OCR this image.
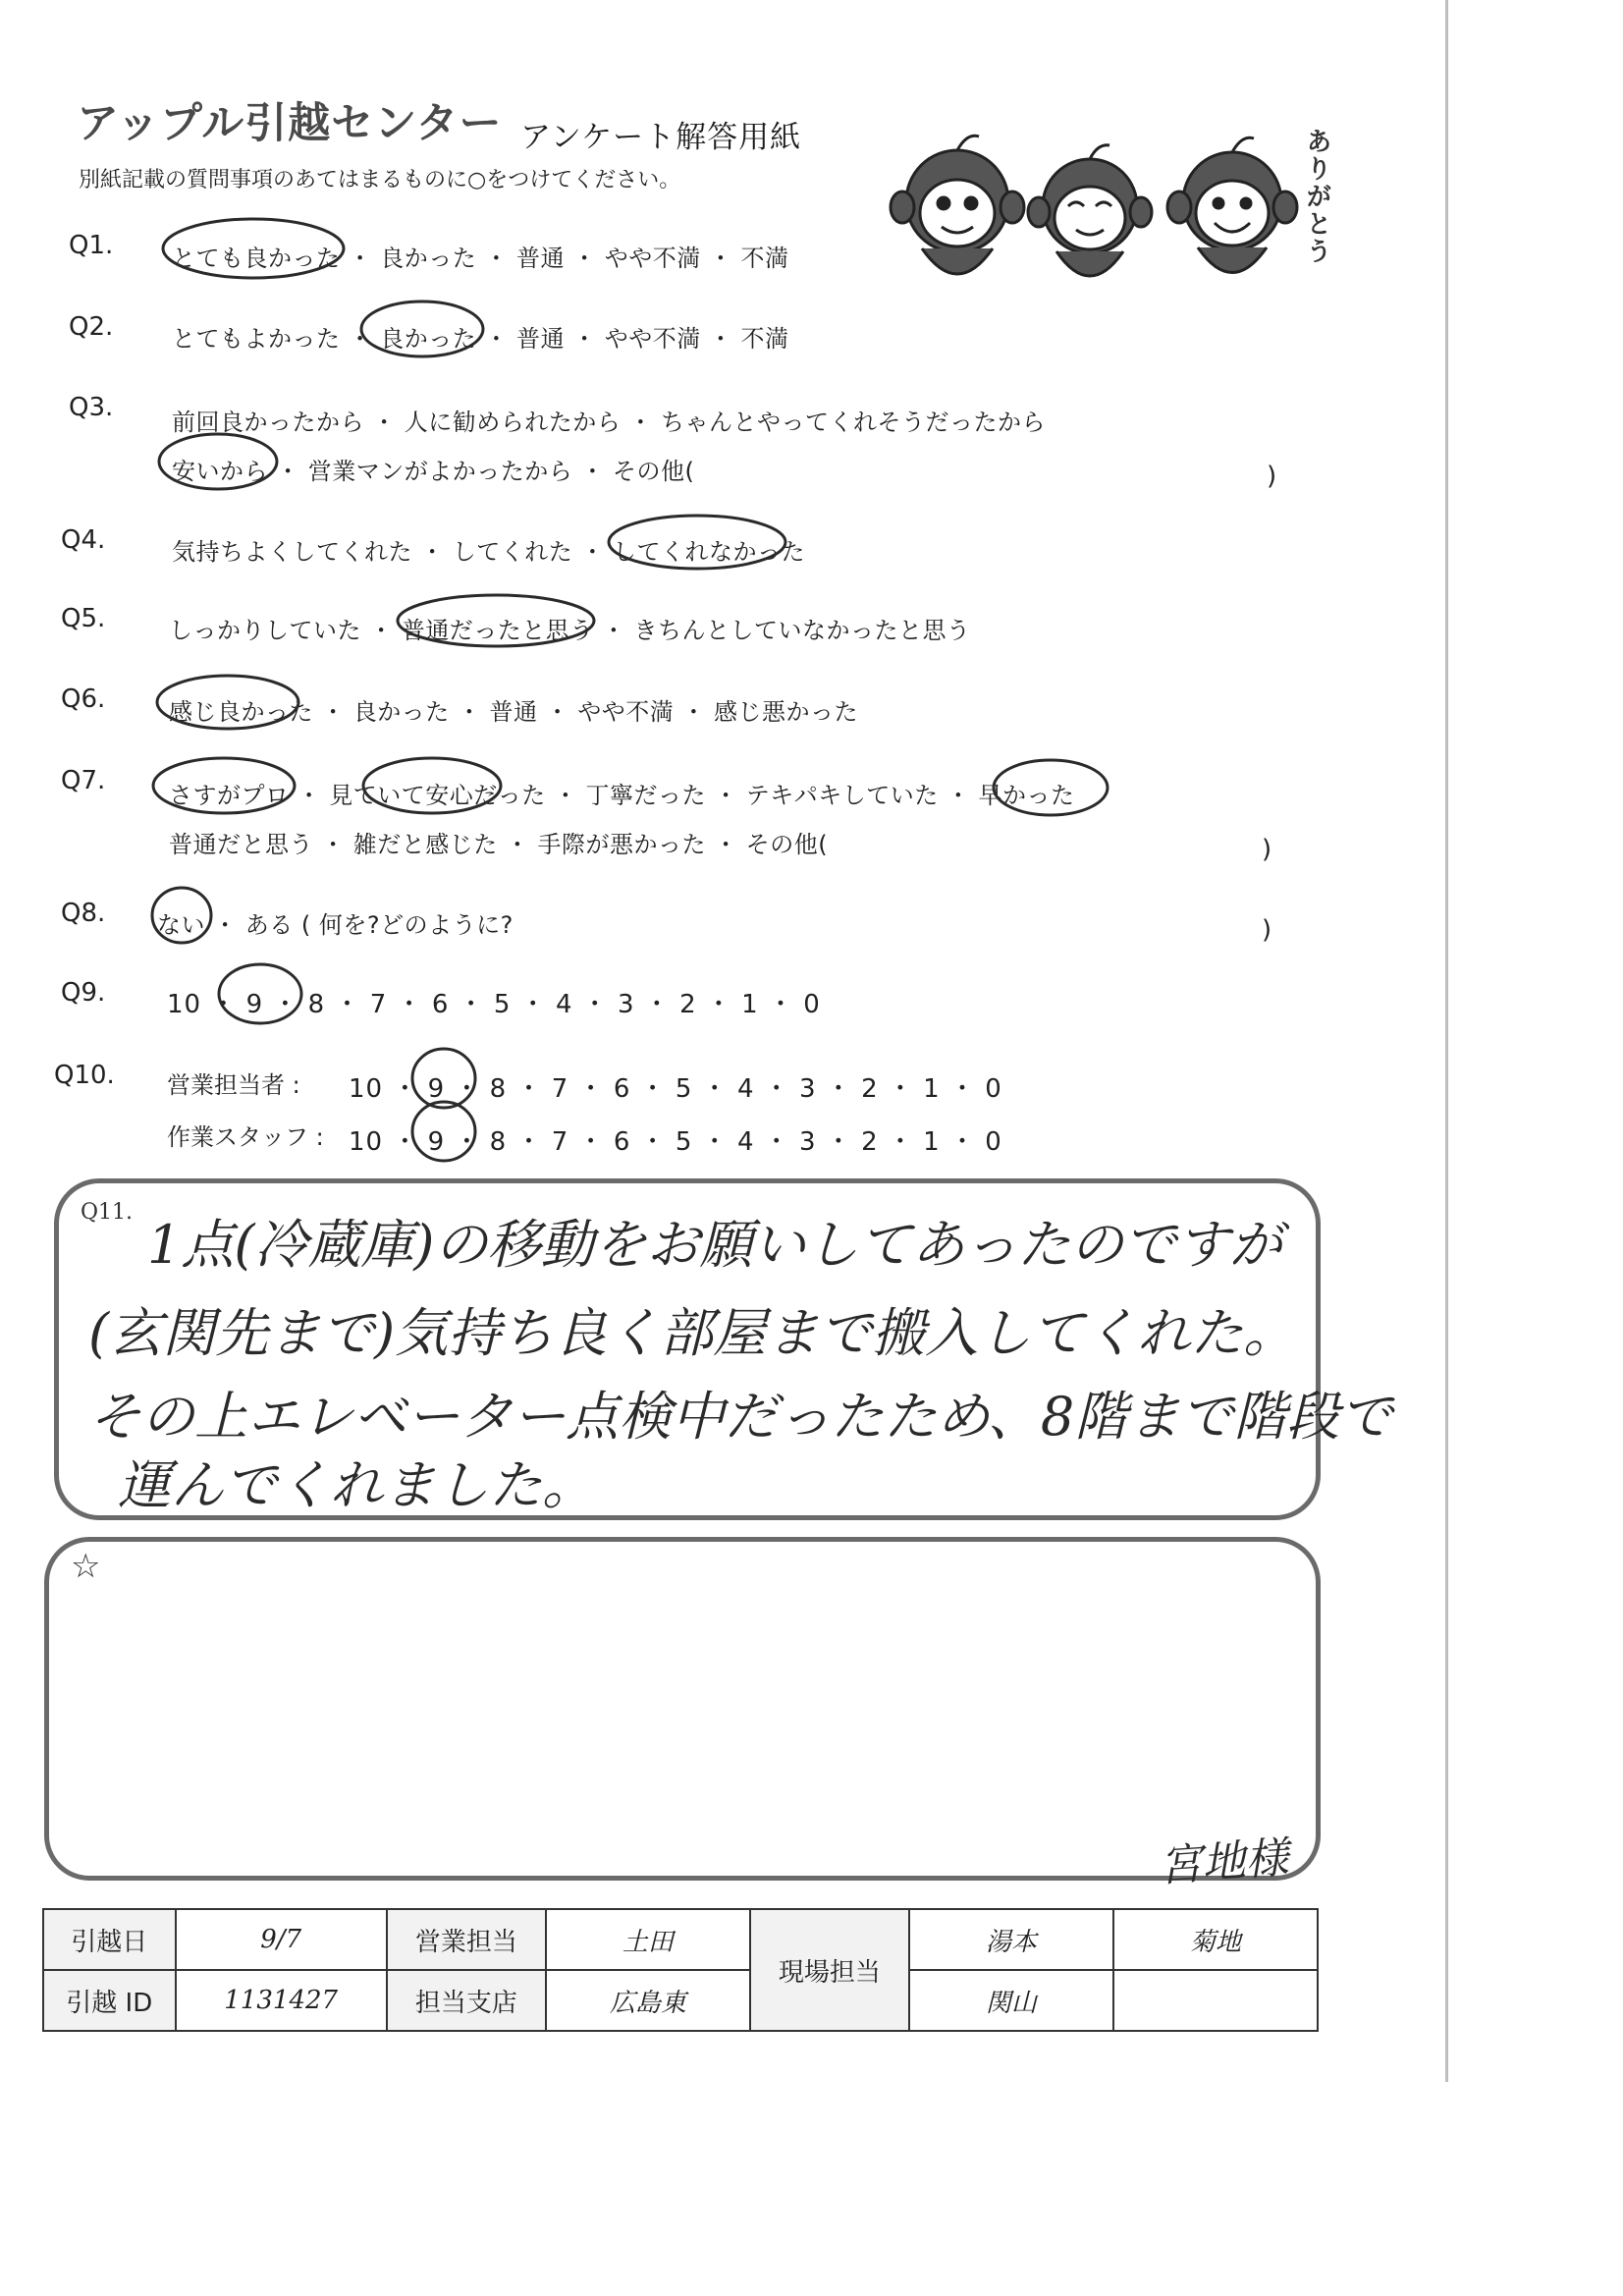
アップル引越センター アンケート解答用紙
別紙記載の質問事項のあてはまるものに○をつけてください。	ありがとう
Q1. とても良かった ・ 良かった ・ 普通 ・ やや不満 ・ 不満
Q2. とてもよかった ・ 良かった ・ 普通 ・ やや不満 ・ 不満
Q3. 前回良かったから ・ 人に勧められたから ・ ちゃんとやってくれそうだったから
安いから ・ 営業マンがよかったから ・ その他(	)
Q4.	気持ちよくしてくれた ・ してくれた ・ してくれなかった
Q5.	しっかりしていた ・ 普通だったと思う ・ きちんとしていなかったと思う
Q6.	感じ良かった ・ 良かった ・ 普通 ・ やや不満 ・ 感じ悪かった
Q7.	さすがプロ ・ 見ていて安心だった ・ 丁寧だった ・ テキパキしていた ・ 早かった
普通だと思う ・ 雑だと感じた ・ 手際が悪かった ・ その他(	)
Q8. ない ・ ある ( 何を?どのように?	)
Q9. 10 ・ 9 ・ 8 ・ 7 ・ 6 ・ 5 ・ 4 ・ 3 ・ 2 ・ 1 ・ 0
Q10. 営業担当者 : 10 ・ 9 ・ 8 ・ 7 ・ 6 ・ 5 ・ 4 ・ 3 ・ 2 ・ 1 ・ 0
作業スタッフ : 10 ・ 9 ・ 8 ・ 7 ・ 6 ・ 5 ・ 4 ・ 3 ・ 2 ・ 1 ・ 0
Q11.
1点(冷蔵庫)の移動をお願いしてあったのですが
(玄関先まで)気持ち良く部屋まで搬入してくれた。
その上エレベーター点検中だったため、8階まで階段で
運んでくれました。
☆
宮地様
引越日	9/7	営業担当	土田	現場担当	湯本	菊地
引越 ID	1131427	担当支店	広島東		関山	
